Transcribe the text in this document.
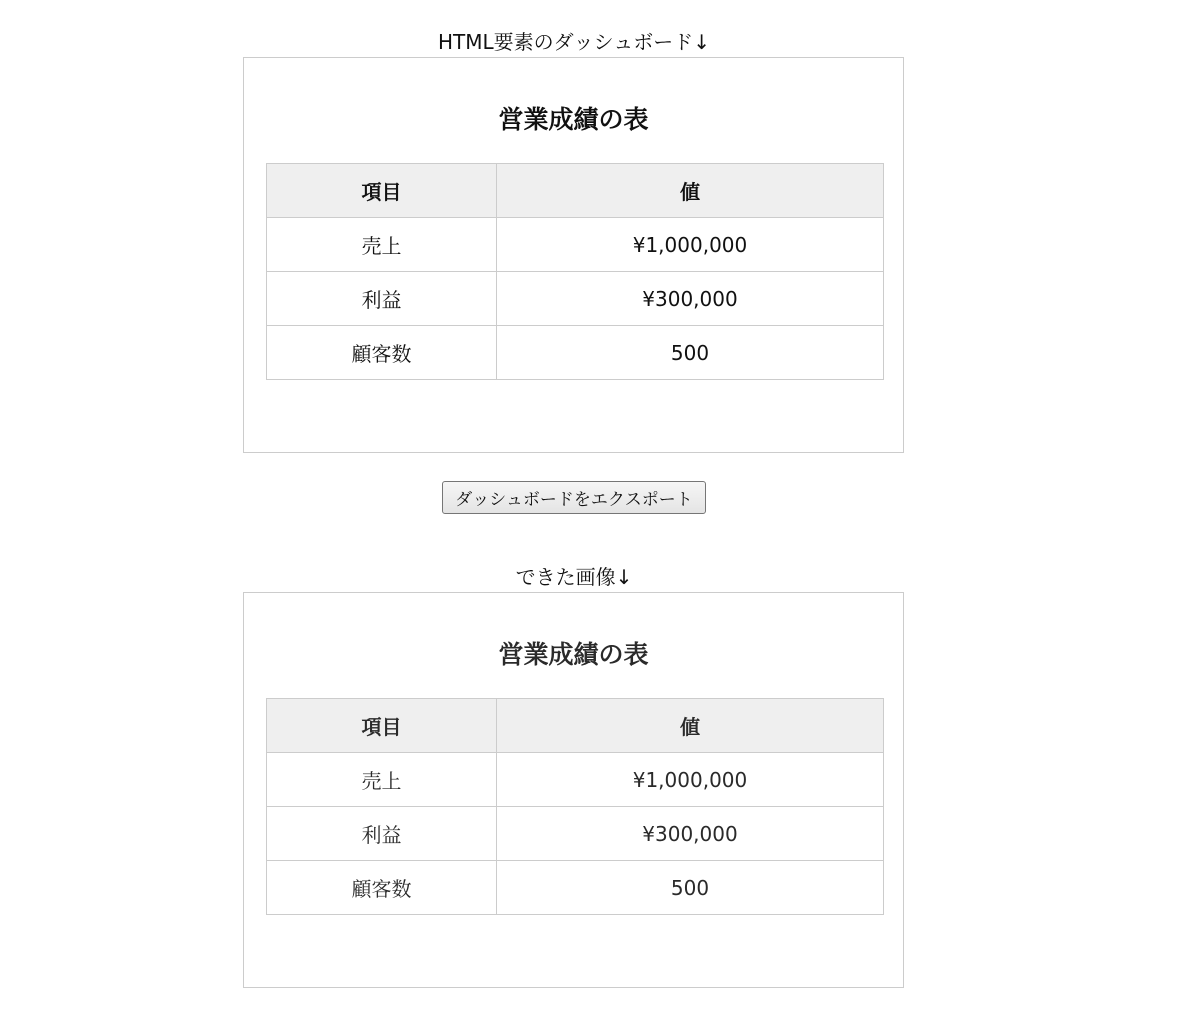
HTML要素のダッシュボード↓
営業成績の表
項目	値
売上	¥1,000,000
利益	¥300,000
顧客数	500
ダッシュボードをエクスポート
できた画像↓
営業成績の表
項目	値
売上	¥1,000,000
利益	¥300,000
顧客数	500
